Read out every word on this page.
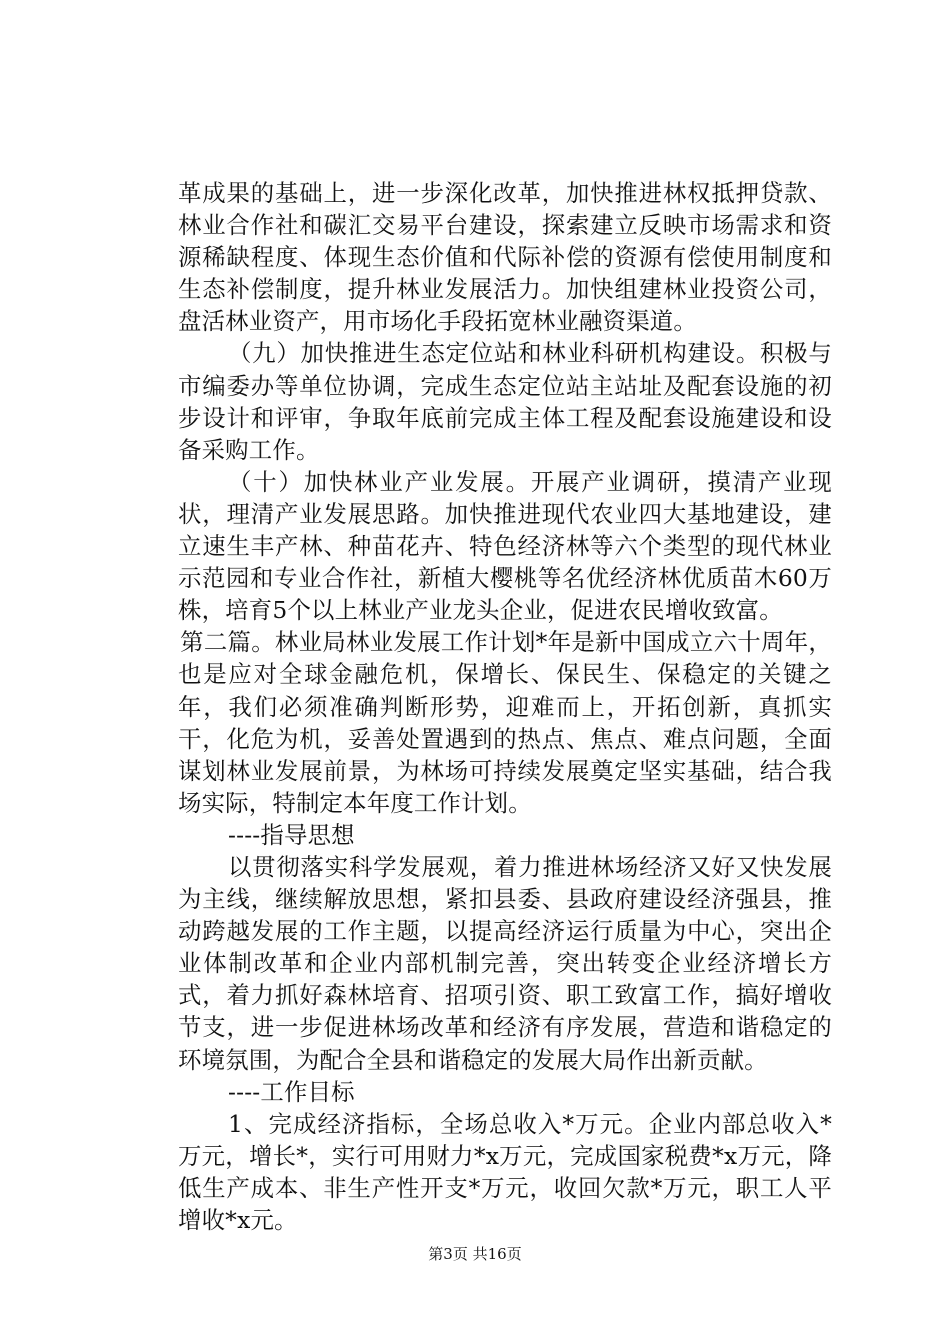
革成果的基础上，进一步深化改革，加快推进林权抵押贷款、林业合作社和碳汇交易平台建设，探索建立反映市场需求和资源稀缺程度、体现生态价值和代际补偿的资源有偿使用制度和生态补偿制度，提升林业发展活力。加快组建林业投资公司，盘活林业资产，用市场化手段拓宽林业融资渠道。

（九）加快推进生态定位站和林业科研机构建设。积极与市编委办等单位协调，完成生态定位站主站址及配套设施的初步设计和评审，争取年底前完成主体工程及配套设施建设和设备采购工作。

（十）加快林业产业发展。开展产业调研，摸清产业现状，理清产业发展思路。加快推进现代农业四大基地建设，建立速生丰产林、种苗花卉、特色经济林等六个类型的现代林业示范园和专业合作社，新植大樱桃等名优经济林优质苗木60万株，培育5个以上林业产业龙头企业，促进农民增收致富。

第二篇。林业局林业发展工作计划*年是新中国成立六十周年，也是应对全球金融危机，保增长、保民生、保稳定的关键之年，我们必须准确判断形势，迎难而上，开拓创新，真抓实干，化危为机，妥善处置遇到的热点、焦点、难点问题，全面谋划林业发展前景，为林场可持续发展奠定坚实基础，结合我场实际，特制定本年度工作计划。

----指导思想

以贯彻落实科学发展观，着力推进林场经济又好又快发展为主线，继续解放思想，紧扣县委、县政府建设经济强县，推动跨越发展的工作主题，以提高经济运行质量为中心，突出企业体制改革和企业内部机制完善，突出转变企业经济增长方式，着力抓好森林培育、招项引资、职工致富工作，搞好增收节支，进一步促进林场改革和经济有序发展，营造和谐稳定的环境氛围，为配合全县和谐稳定的发展大局作出新贡献。

----工作目标

1、完成经济指标，全场总收入*万元。企业内部总收入*万元，增长*，实行可用财力*x万元，完成国家税费*x万元，降低生产成本、非生产性开支*万元，收回欠款*万元，职工人平增收*x元。

第3页 共16页
